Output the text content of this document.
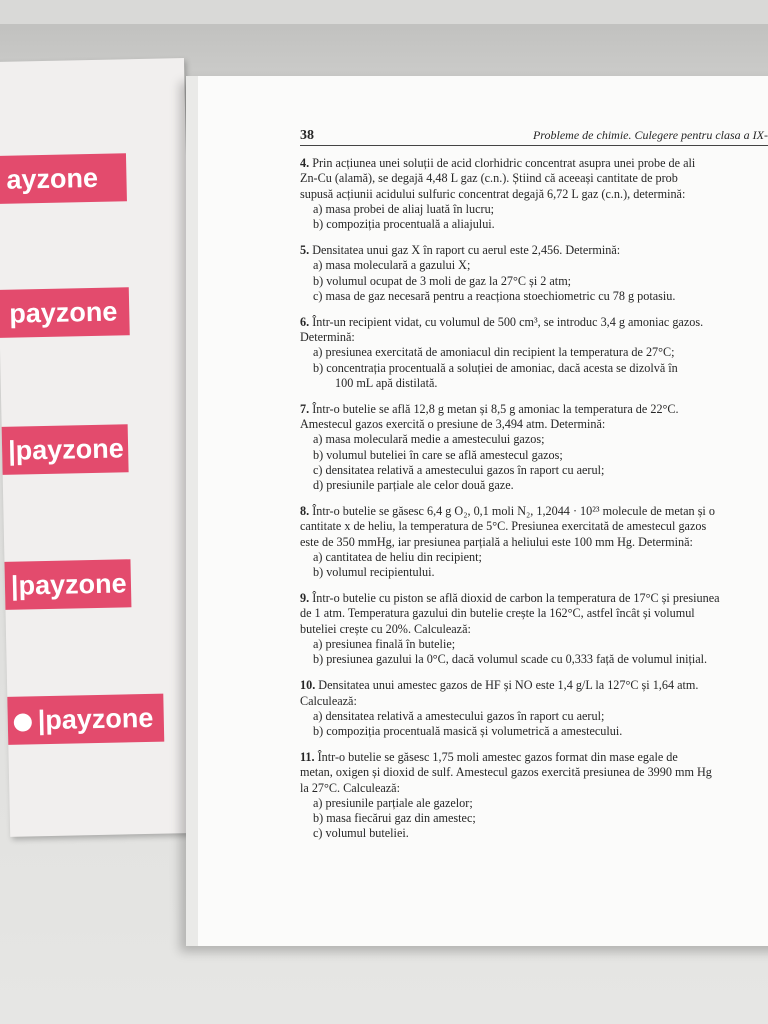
ayzone
payzone
|payzone
|payzone
|payzone
38	Probleme de chimie. Culegere pentru clasa a IX-
4. Prin acțiunea unei soluții de acid clorhidric concentrat asupra unei probe de ali
Zn-Cu (alamă), se degajă 4,48 L gaz (c.n.). Știind că aceeași cantitate de prob
supusă acțiunii acidului sulfuric concentrat degajă 6,72 L gaz (c.n.), determină:
a) masa probei de aliaj luată în lucru;
b) compoziția procentuală a aliajului.
5. Densitatea unui gaz X în raport cu aerul este 2,456. Determină:
a) masa moleculară a gazului X;
b) volumul ocupat de 3 moli de gaz la 27°C și 2 atm;
c) masa de gaz necesară pentru a reacționa stoechiometric cu 78 g potasiu.
6. Într-un recipient vidat, cu volumul de 500 cm³, se introduc 3,4 g amoniac gazos.
Determină:
a) presiunea exercitată de amoniacul din recipient la temperatura de 27°C;
b) concentrația procentuală a soluției de amoniac, dacă acesta se dizolvă în
100 mL apă distilată.
7. Într-o butelie se află 12,8 g metan și 8,5 g amoniac la temperatura de 22°C.
Amestecul gazos exercită o presiune de 3,494 atm. Determină:
a) masa moleculară medie a amestecului gazos;
b) volumul buteliei în care se află amestecul gazos;
c) densitatea relativă a amestecului gazos în raport cu aerul;
d) presiunile parțiale ale celor două gaze.
8. Într-o butelie se găsesc 6,4 g O₂, 0,1 moli N₂, 1,2044 · 10²³ molecule de metan și o
cantitate x de heliu, la temperatura de 5°C. Presiunea exercitată de amestecul gazos
este de 350 mmHg, iar presiunea parțială a heliului este 100 mm Hg. Determină:
a) cantitatea de heliu din recipient;
b) volumul recipientului.
9. Într-o butelie cu piston se află dioxid de carbon la temperatura de 17°C și presiunea
de 1 atm. Temperatura gazului din butelie crește la 162°C, astfel încât și volumul
buteliei crește cu 20%. Calculează:
a) presiunea finală în butelie;
b) presiunea gazului la 0°C, dacă volumul scade cu 0,333 față de volumul inițial.
10. Densitatea unui amestec gazos de HF și NO este 1,4 g/L la 127°C și 1,64 atm.
Calculează:
a) densitatea relativă a amestecului gazos în raport cu aerul;
b) compoziția procentuală masică și volumetrică a amestecului.
11. Într-o butelie se găsesc 1,75 moli amestec gazos format din mase egale de
metan, oxigen și dioxid de sulf. Amestecul gazos exercită presiunea de 3990 mm Hg
la 27°C. Calculează:
a) presiunile parțiale ale gazelor;
b) masa fiecărui gaz din amestec;
c) volumul buteliei.
